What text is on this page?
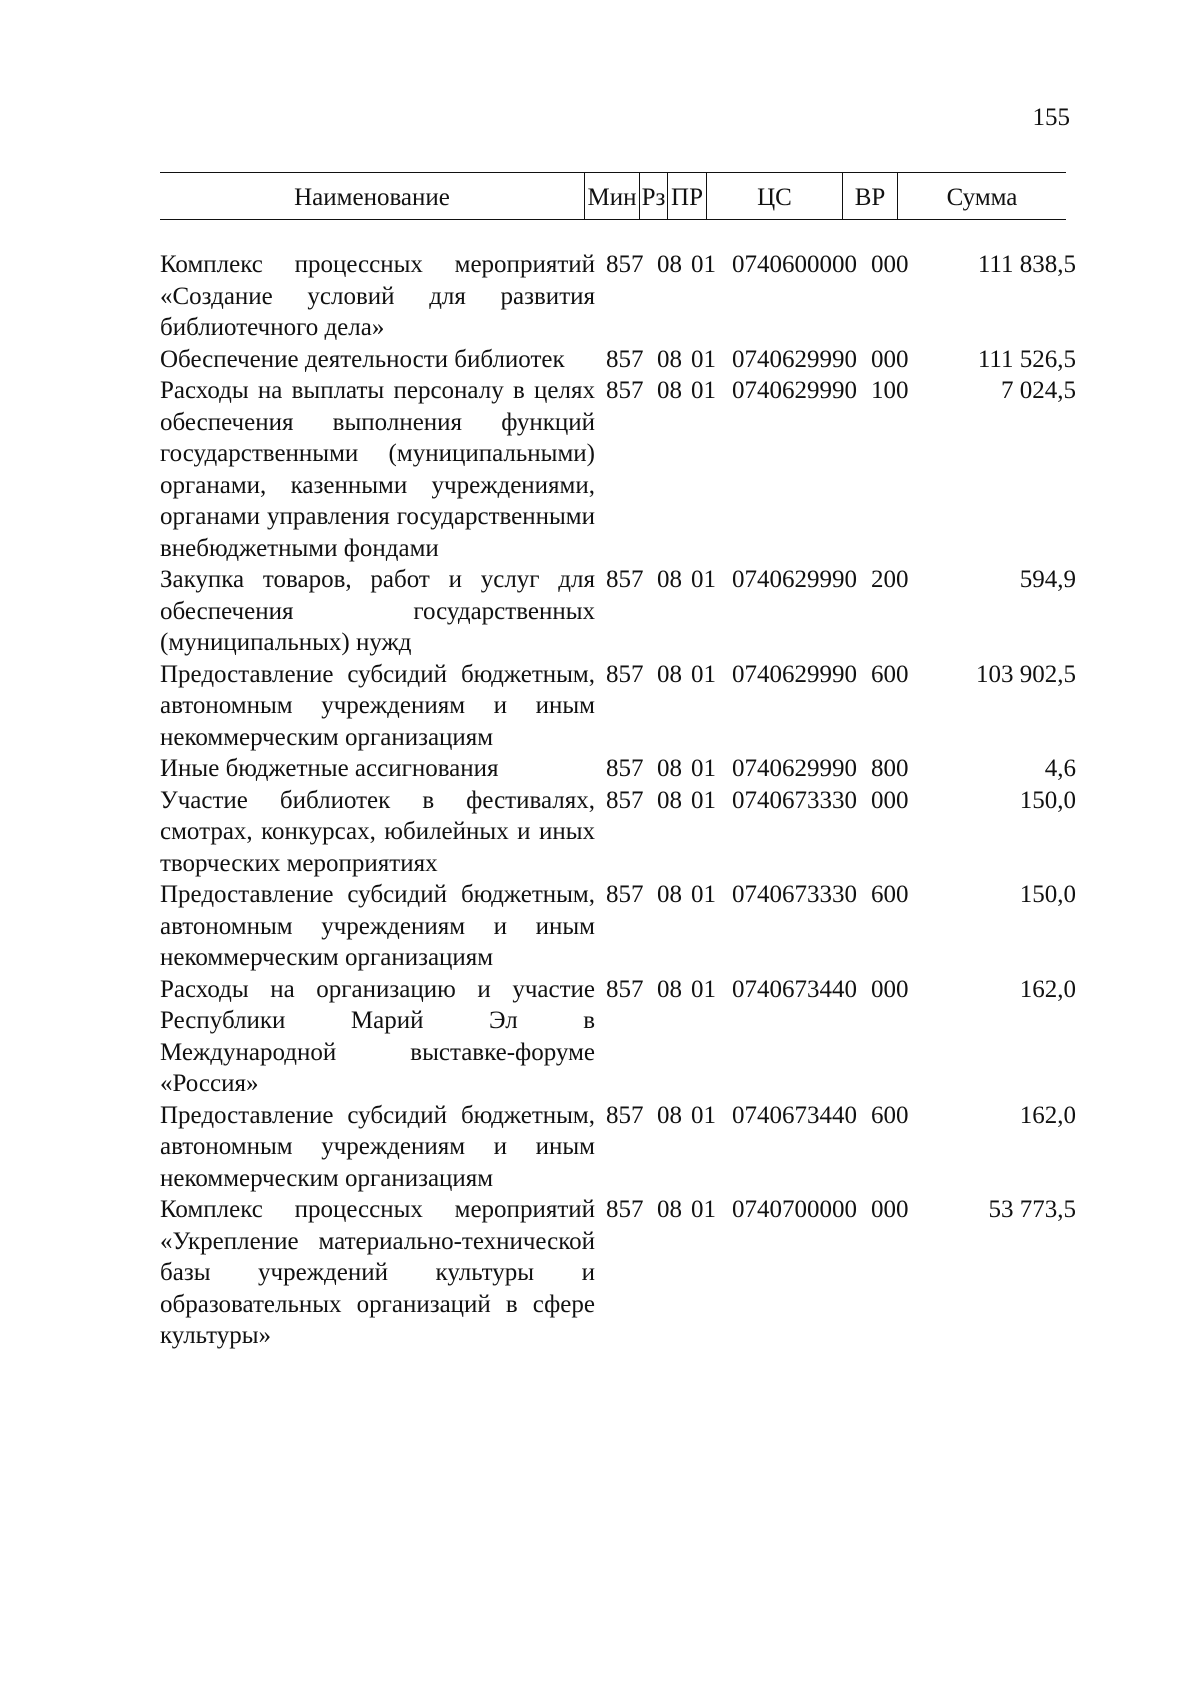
155
Наименование	Мин Рз ПР	ЦС	ВР	Сумма
Комплекс процессных мероприятий «Создание условий для развития библиотечного дела»
857 08 01 0740600000 000	111 838,5
Обеспечение деятельности библиотек	857 08 01 0740629990 000	111 526,5
Расходы на выплаты персоналу в целях обеспечения выполнения функций государственными (муниципальными) органами, казенными учреждениями, органами управления государственными внебюджетными фондами
857 08 01 0740629990 100	7 024,5
Закупка товаров, работ и услуг для обеспечения государственных (муниципальных) нужд
857 08 01 0740629990 200	594,9
Предоставление субсидий бюджетным, автономным учреждениям и иным некоммерческим организациям
857 08 01 0740629990 600	103 902,5
Иные бюджетные ассигнования	857 08 01 0740629990 800	4,6
Участие библиотек в фестивалях, смотрах, конкурсах, юбилейных и иных творческих мероприятиях
857 08 01 0740673330 000	150,0
Предоставление субсидий бюджетным, автономным учреждениям и иным некоммерческим организациям
857 08 01 0740673330 600	150,0
Расходы на организацию и участие Республики Марий Эл в Международной выставке-форуме «Россия»
857 08 01 0740673440 000	162,0
Предоставление субсидий бюджетным, автономным учреждениям и иным некоммерческим организациям
857 08 01 0740673440 600	162,0
Комплекс процессных мероприятий «Укрепление материально-технической базы учреждений культуры и образовательных организаций в сфере культуры»
857 08 01 0740700000 000	53 773,5
